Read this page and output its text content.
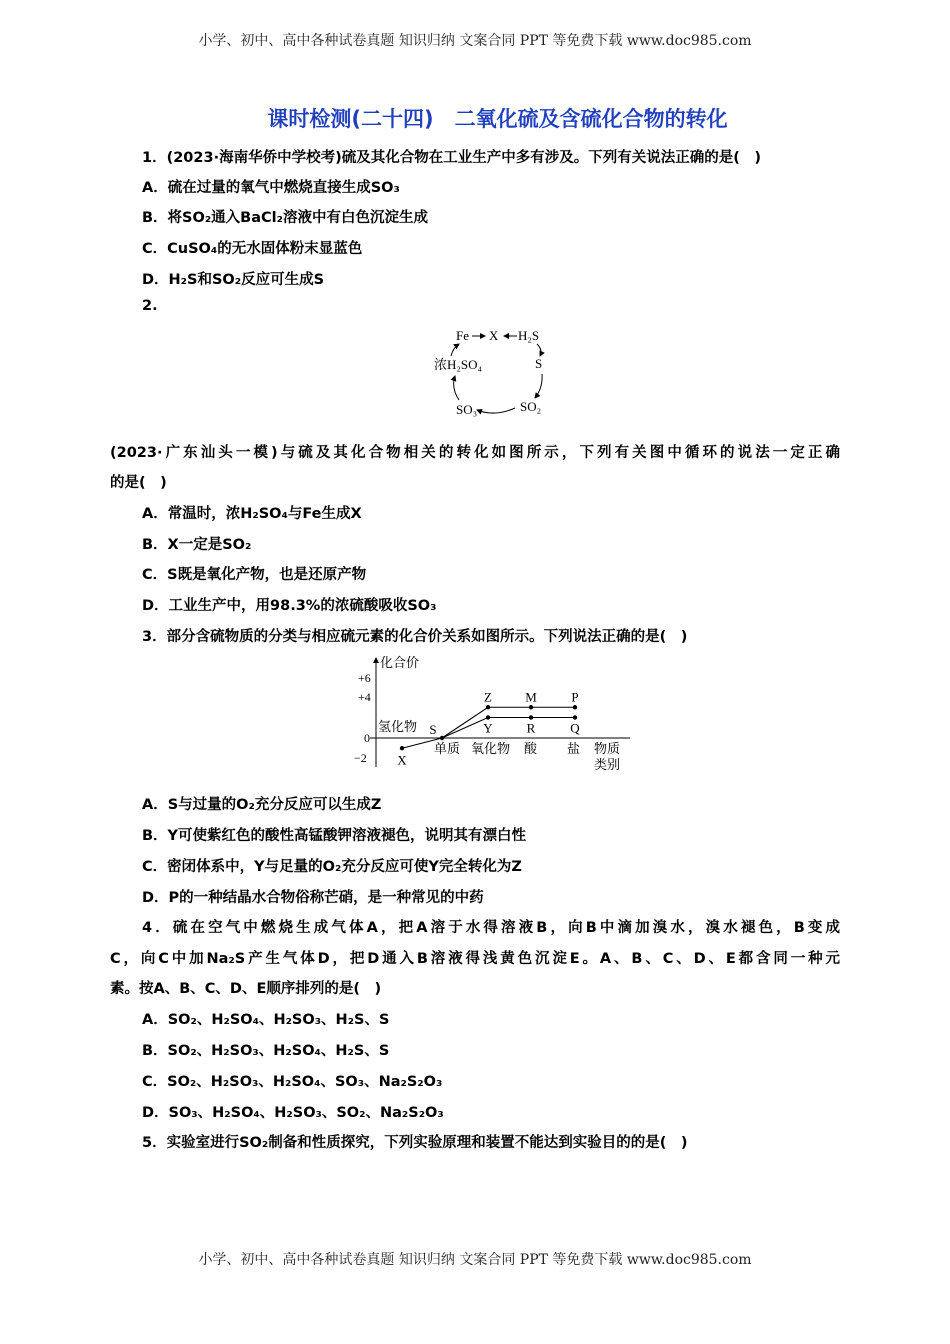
小学、初中、高中各种试卷真题 知识归纳 文案合同 PPT 等免费下载 www.doc985.com
课时检测(二十四)　二氧化硫及含硫化合物的转化
1．(2023·海南华侨中学校考)硫及其化合物在工业生产中多有涉及。下列有关说法正确的是(　)
A．硫在过量的氧气中燃烧直接生成SO₃
B．将SO₂通入BaCl₂溶液中有白色沉淀生成
C．CuSO₄的无水固体粉末显蓝色
D．H₂S和SO₂反应可生成S
2.
Fe X H₂S
S
SO₂
SO₃
浓H₂SO₄
(2023·广东汕头一模)与硫及其化合物相关的转化如图所示，下列有关图中循环的说法一定正确
的是(　)
A．常温时，浓H₂SO₄与Fe生成X
B．X一定是SO₂
C．S既是氧化产物，也是还原产物
D．工业生产中，用98.3%的浓硫酸吸收SO₃
3．部分含硫物质的分类与相应硫元素的化合价关系如图所示。下列说法正确的是(　)
化合价
+6
+4
0
−2
氢化物
单质 氧化物 酸 盐 物质
类别
X
S	Y	R	Q
Z	M	P
A．S与过量的O₂充分反应可以生成Z
B．Y可使紫红色的酸性高锰酸钾溶液褪色，说明其有漂白性
C．密闭体系中，Y与足量的O₂充分反应可使Y完全转化为Z
D．P的一种结晶水合物俗称芒硝，是一种常见的中药
4．硫在空气中燃烧生成气体A，把A溶于水得溶液B，向B中滴加溴水，溴水褪色，B变成
C，向C中加Na₂S产生气体D，把D通入B溶液得浅黄色沉淀E。A、B、C、D、E都含同一种元
素。按A、B、C、D、E顺序排列的是(　)
A．SO₂、H₂SO₄、H₂SO₃、H₂S、S
B．SO₂、H₂SO₃、H₂SO₄、H₂S、S
C．SO₂、H₂SO₃、H₂SO₄、SO₃、Na₂S₂O₃
D．SO₃、H₂SO₄、H₂SO₃、SO₂、Na₂S₂O₃
5．实验室进行SO₂制备和性质探究，下列实验原理和装置不能达到实验目的的是(　)
小学、初中、高中各种试卷真题 知识归纳 文案合同 PPT 等免费下载 www.doc985.com
